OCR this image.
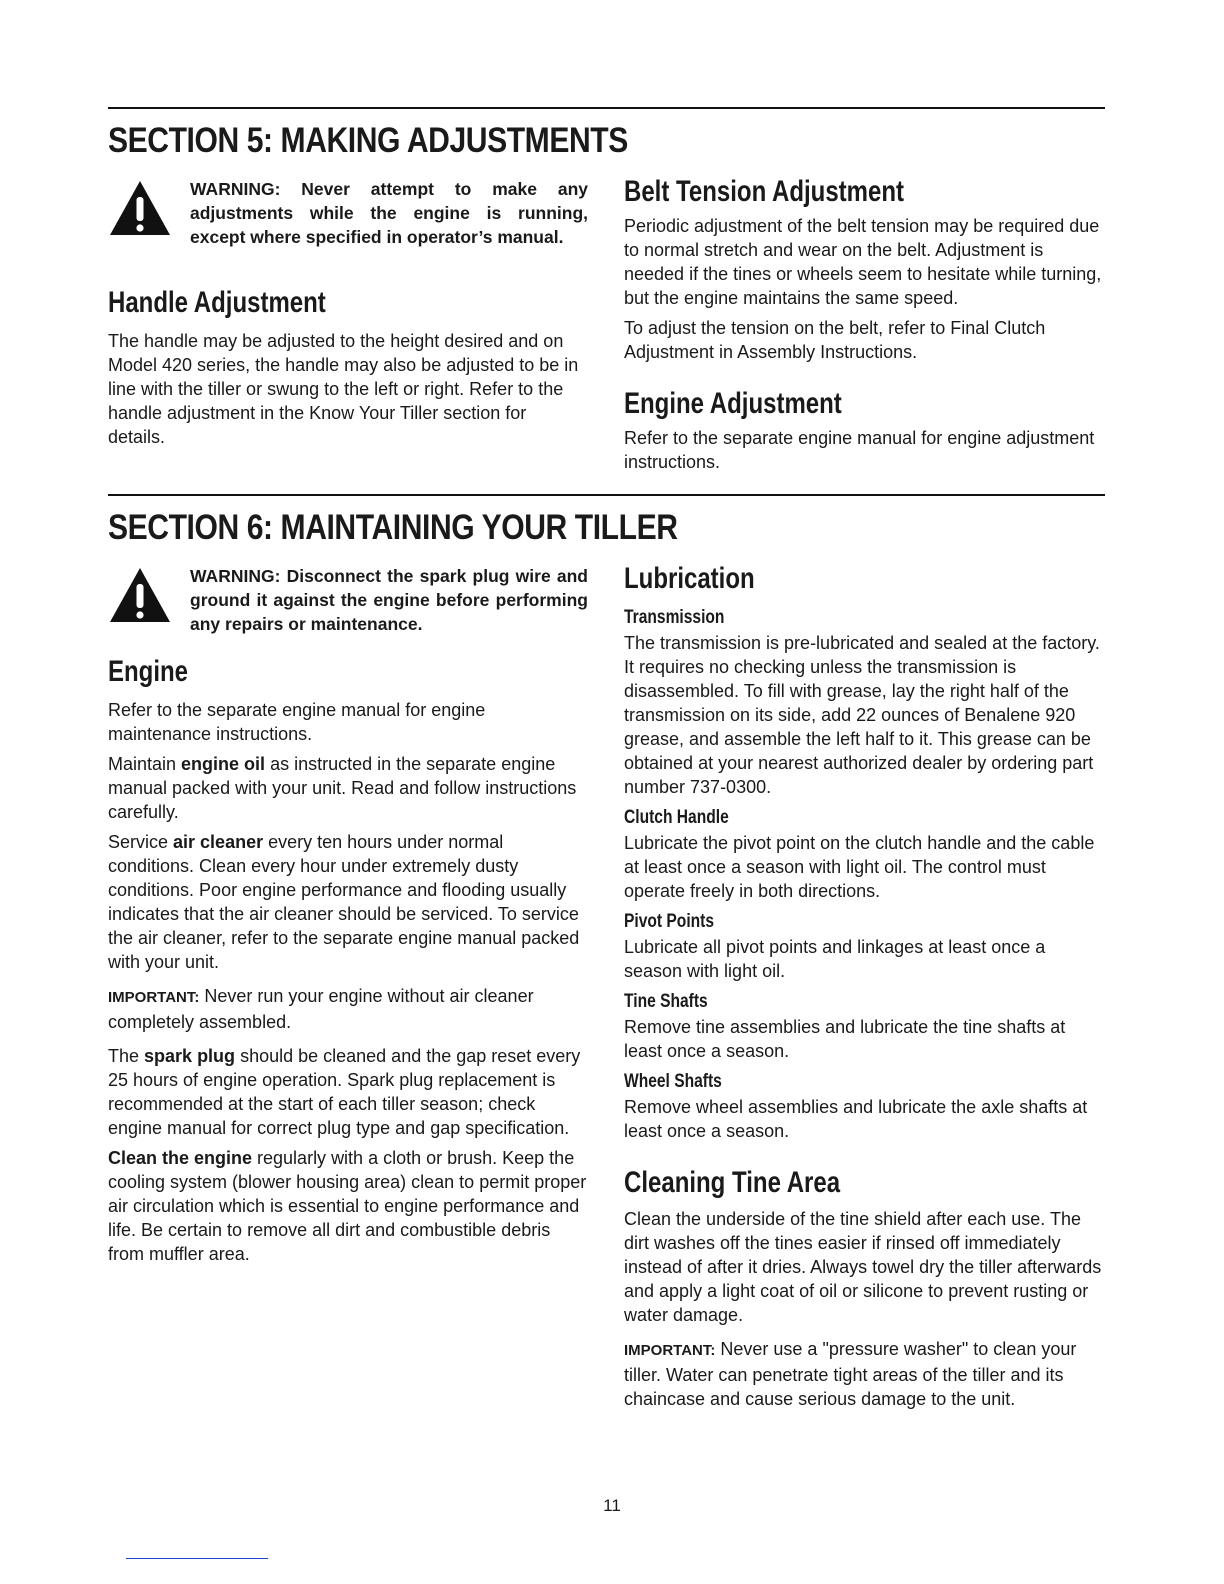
SECTION 5: MAKING ADJUSTMENTS
WARNING: Never attempt to make any adjustments while the engine is running, except where specified in operator’s manual.
Handle Adjustment

The handle may be adjusted to the height desired and on Model 420 series, the handle may also be adjusted to be in line with the tiller or swung to the left or right. Refer to the handle adjustment in the Know Your Tiller section for details.

Belt Tension Adjustment

Periodic adjustment of the belt tension may be required due to normal stretch and wear on the belt. Adjustment is needed if the tines or wheels seem to hesitate while turning, but the engine maintains the same speed.

To adjust the tension on the belt, refer to Final Clutch Adjustment in Assembly Instructions.

Engine Adjustment

Refer to the separate engine manual for engine adjustment instructions.

SECTION 6: MAINTAINING YOUR TILLER
WARNING: Disconnect the spark plug wire and ground it against the engine before performing any repairs or maintenance.
Engine

Refer to the separate engine manual for engine maintenance instructions.

Maintain engine oil as instructed in the separate engine manual packed with your unit. Read and follow instructions carefully.

Service air cleaner every ten hours under normal conditions. Clean every hour under extremely dusty conditions. Poor engine performance and flooding usually indicates that the air cleaner should be serviced. To service the air cleaner, refer to the separate engine manual packed with your unit.

IMPORTANT: Never run your engine without air cleaner completely assembled.

The spark plug should be cleaned and the gap reset every 25 hours of engine operation. Spark plug replacement is recommended at the start of each tiller season; check engine manual for correct plug type and gap specification.

Clean the engine regularly with a cloth or brush. Keep the cooling system (blower housing area) clean to permit proper air circulation which is essential to engine performance and life. Be certain to remove all dirt and combustible debris from muffler area.

Lubrication
Transmission

The transmission is pre-lubricated and sealed at the factory. It requires no checking unless the transmission is disassembled. To fill with grease, lay the right half of the transmission on its side, add 22 ounces of Benalene 920 grease, and assemble the left half to it. This grease can be obtained at your nearest authorized dealer by ordering part number 737-0300.

Clutch Handle

Lubricate the pivot point on the clutch handle and the cable at least once a season with light oil. The control must operate freely in both directions.

Pivot Points

Lubricate all pivot points and linkages at least once a season with light oil.

Tine Shafts

Remove tine assemblies and lubricate the tine shafts at least once a season.

Wheel Shafts

Remove wheel assemblies and lubricate the axle shafts at least once a season.

Cleaning Tine Area

Clean the underside of the tine shield after each use. The dirt washes off the tines easier if rinsed off immediately instead of after it dries. Always towel dry the tiller afterwards and apply a light coat of oil or silicone to prevent rusting or water damage.

IMPORTANT: Never use a "pressure washer" to clean your tiller. Water can penetrate tight areas of the tiller and its chaincase and cause serious damage to the unit.

11
